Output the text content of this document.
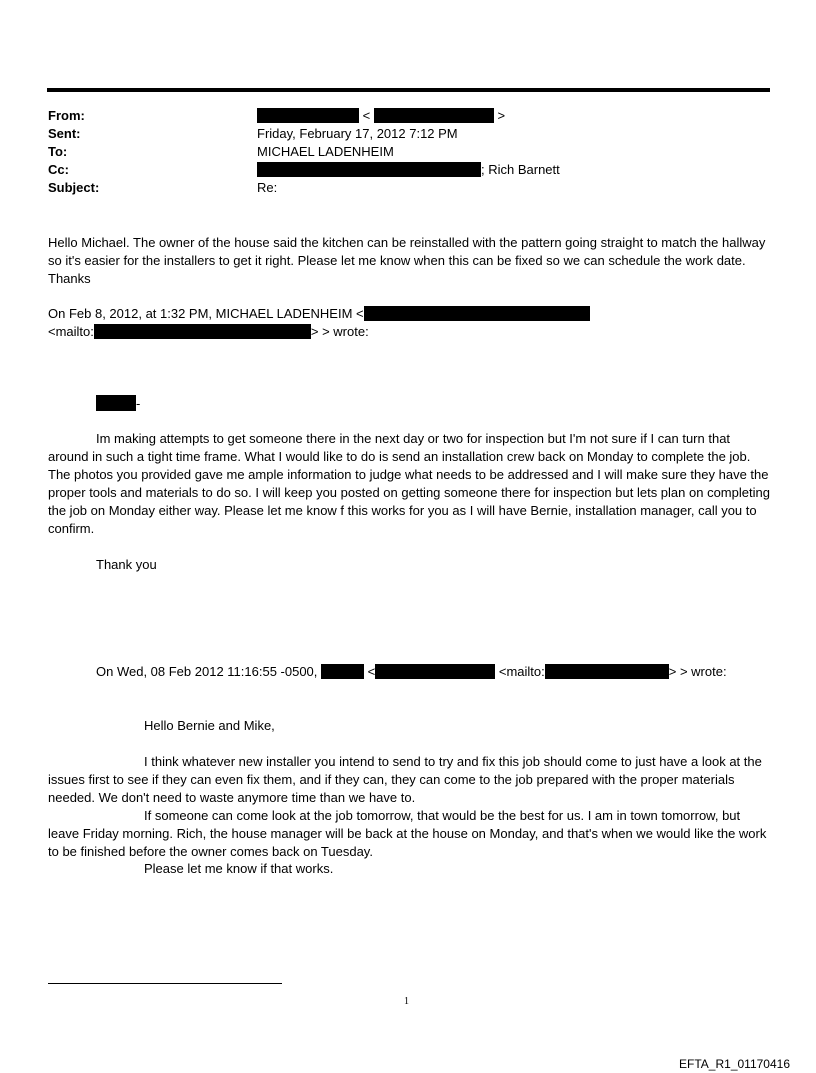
From:	<	>
Sent:	Friday, February 17, 2012 7:12 PM
To:	MICHAEL LADENHEIM
Cc:	; Rich Barnett
Subject:	Re:
Hello Michael. The owner of the house said the kitchen can be reinstalled with the pattern going straight to match the hallway so it's easier for the installers to get it right. Please let me know when this can be fixed so we can schedule the work date. Thanks
On Feb 8, 2012, at 1:32 PM, MICHAEL LADENHEIM <
<mailto:	> > wrote:
-
Im making attempts to get someone there in the next day or two for inspection but I'm not sure if I can turn that around in such a tight time frame. What I would like to do is send an installation crew back on Monday to complete the job. The photos you provided gave me ample information to judge what needs to be addressed and I will make sure they have the proper tools and materials to do so. I will keep you posted on getting someone there for inspection but lets plan on completing the job on Monday either way. Please let me know f this works for you as I will have Bernie, installation manager, call you to confirm.
Thank you
On Wed, 08 Feb 2012 11:16:55 -0500,	<	<mailto:	> > wrote:
Hello Bernie and Mike,
I think whatever new installer you intend to send to try and fix this job should come to just have a look at the issues first to see if they can even fix them, and if they can, they can come to the job prepared with the proper materials needed. We don't need to waste anymore time than we have to.
If someone can come look at the job tomorrow, that would be the best for us. I am in town tomorrow, but leave Friday morning. Rich, the house manager will be back at the house on Monday, and that's when we would like the work to be finished before the owner comes back on Tuesday.
Please let me know if that works.
1
EFTA_R1_01170416
